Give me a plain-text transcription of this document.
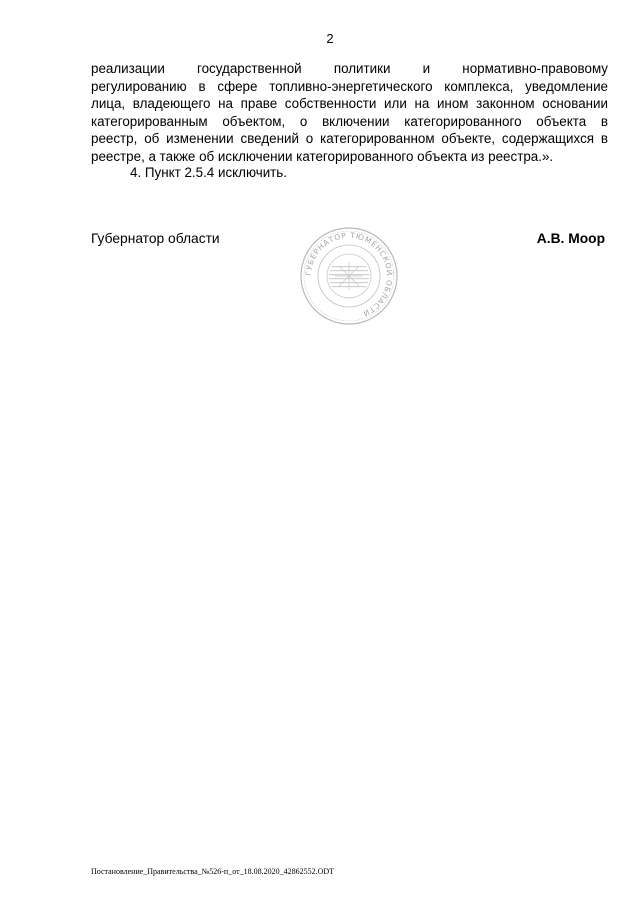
2
реализации государственной политики и нормативно-правовому
регулированию в сфере топливно-энергетического комплекса, уведомление
лица, владеющего на праве собственности или на ином законном основании
категорированным объектом, о включении категорированного объекта в
реестр, об изменении сведений о категорированном объекте, содержащихся в
реестре, а также об исключении категорированного объекта из реестра.».
4. Пункт 2.5.4 исключить.
Губернатор области
ГУБЕРНАТОР ТЮМЕНСКОЙ ОБЛАСТИ
А.В. Моор
Постановление_Правительства_№526-п_от_18.08.2020_42862552.ODT
